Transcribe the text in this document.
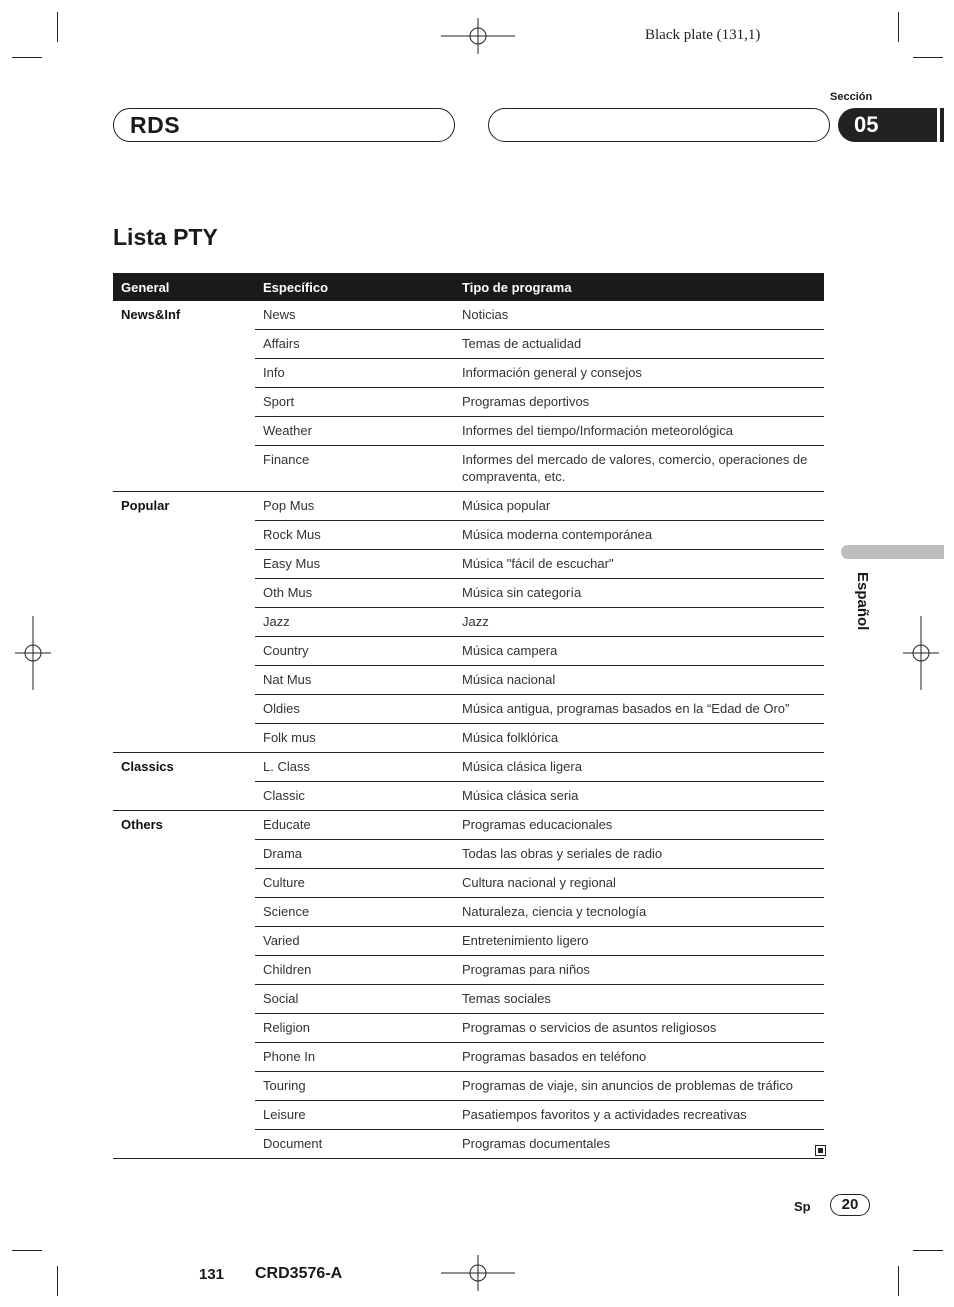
Black plate (131,1)
Sección
RDS	05
Español
Lista PTY
General	Específico	Tipo de programa
News&Inf	News	Noticias
	Affairs	Temas de actualidad
	Info	Información general y consejos
	Sport	Programas deportivos
	Weather	Informes del tiempo/Información meteorológica
	Finance	Informes del mercado de valores, comercio, operaciones de compraventa, etc.
Popular	Pop Mus	Música popular
	Rock Mus	Música moderna contemporánea
	Easy Mus	Música "fácil de escuchar"
	Oth Mus	Música sin categoría
	Jazz	Jazz
	Country	Música campera
	Nat Mus	Música nacional
	Oldies	Música antigua, programas basados en la “Edad de Oro”
	Folk mus	Música folklórica
Classics	L. Class	Música clásica ligera
	Classic	Música clásica seria
Others	Educate	Programas educacionales
	Drama	Todas las obras y seriales de radio
	Culture	Cultura nacional y regional
	Science	Naturaleza, ciencia y tecnología
	Varied	Entretenimiento ligero
	Children	Programas para niños
	Social	Temas sociales
	Religion	Programas o servicios de asuntos religiosos
	Phone In	Programas basados en teléfono
	Touring	Programas de viaje, sin anuncios de problemas de tráfico
	Leisure	Pasatiempos favoritos y a actividades recreativas
	Document	Programas documentales
Sp	20
131 CRD3576-A
